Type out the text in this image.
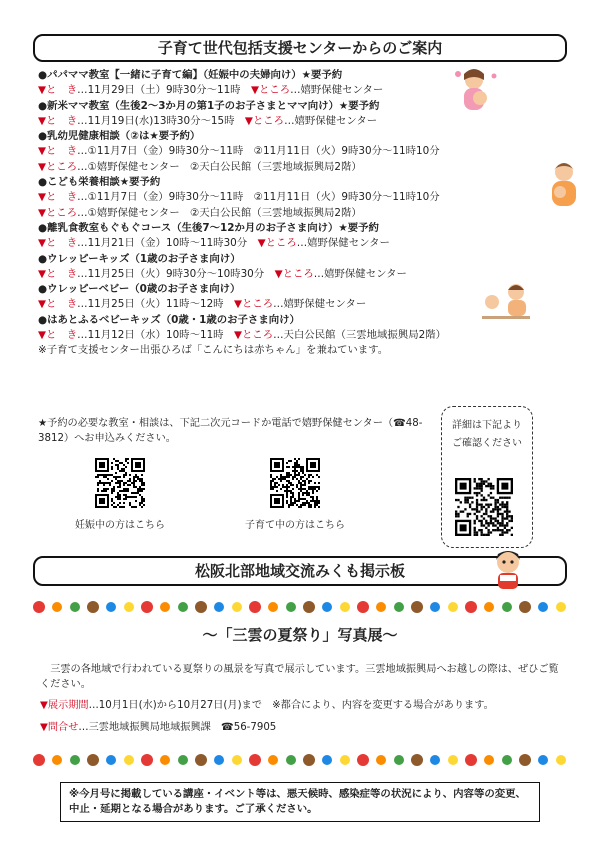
子育て世代包括支援センターからのご案内
●パパママ教室【一緒に子育て編】（妊娠中の夫婦向け）★要予約
▼と　き…11月29日（土）9時30分～11時　▼ところ…嬉野保健センター
●新米ママ教室（生後2～3か月の第1子のお子さまとママ向け）★要予約
▼と　き…11月19日(水)13時30分～15時　▼ところ…嬉野保健センター
●乳幼児健康相談（②は★要予約）
▼と　き…①11月7日（金）9時30分～11時　②11月11日（火）9時30分～11時10分
▼ところ…①嬉野保健センター　②天白公民館（三雲地域振興局2階）
●こども栄養相談★要予約
▼と　き…①11月7日（金）9時30分～11時　②11月11日（火）9時30分～11時10分
▼ところ…①嬉野保健センター　②天白公民館（三雲地域振興局2階）
●離乳食教室もぐもぐコース（生後7～12か月のお子さま向け）★要予約
▼と　き…11月21日（金）10時～11時30分　▼ところ…嬉野保健センター
●ウレッピーキッズ（1歳のお子さま向け）
▼と　き…11月25日（火）9時30分～10時30分　▼ところ…嬉野保健センター
●ウレッピーベビー（0歳のお子さま向け）
▼と　き…11月25日（火）11時～12時　▼ところ…嬉野保健センター
●はあとふるベビーキッズ（0歳・1歳のお子さま向け）
▼と　き…11月12日（水）10時～11時　▼ところ…天白公民館（三雲地域振興局2階）
※子育て支援センター出張ひろば「こんにちは赤ちゃん」を兼ねています。
★予約の必要な教室・相談は、下記二次元コードか電話で嬉野保健センター（☎48-3812）へお申込みください。
妊娠中の方はこちら	子育て中の方はこちら
詳細は下記より
ご確認ください
松阪北部地域交流みくも掲示板
～「三雲の夏祭り」写真展～
三雲の各地域で行われている夏祭りの風景を写真で展示しています。三雲地域振興局へお越しの際は、ぜひご覧ください。
▼展示期間…10月1日(水)から10月27日(月)まで　※都合により、内容を変更する場合があります。
▼問合せ…三雲地域振興局地域振興課　☎56-7905
※今月号に掲載している講座・イベント等は、悪天候時、感染症等の状況により、内容等の変更、中止・延期となる場合があります。ご了承ください。
